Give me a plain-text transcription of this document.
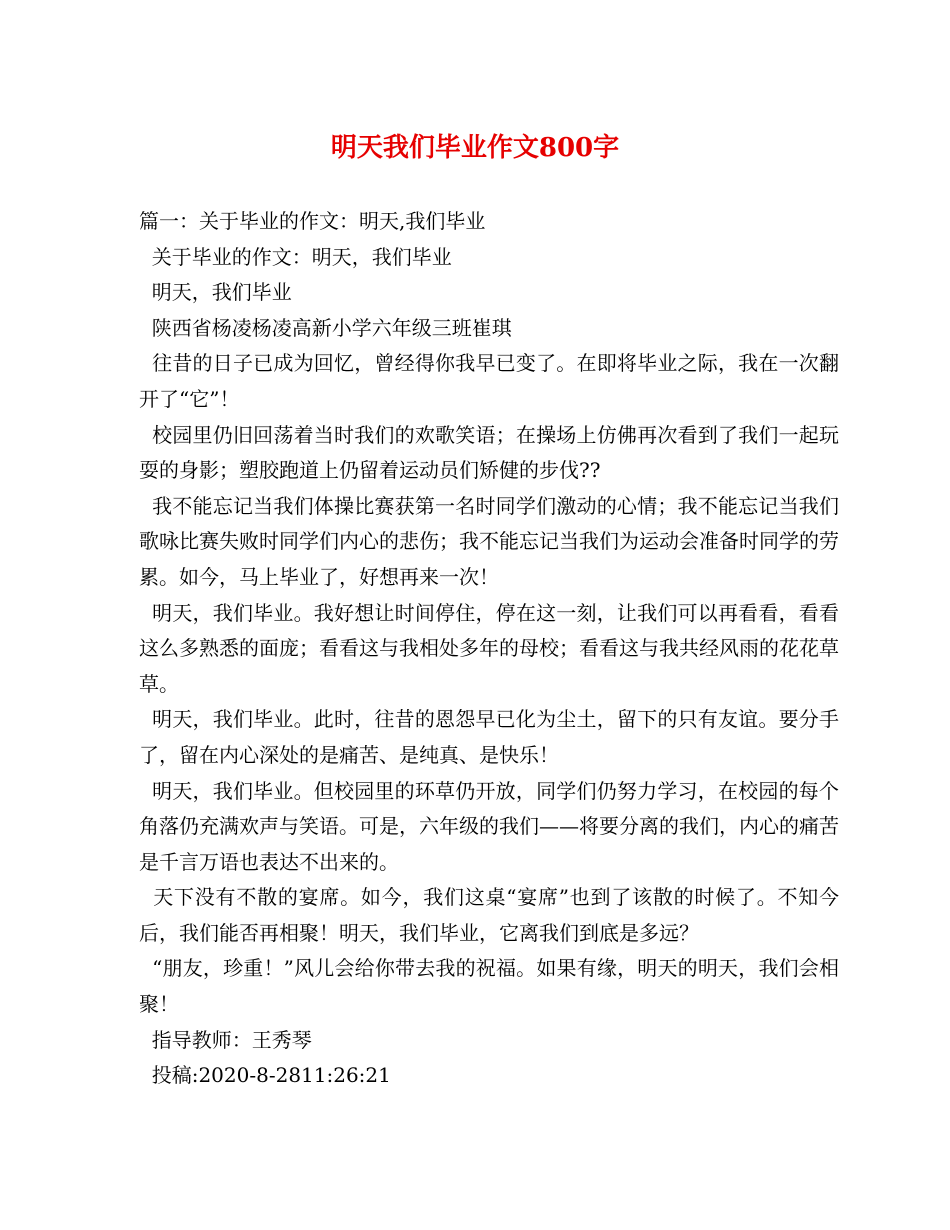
明天我们毕业作文800字

篇一：关于毕业的作文：明天,我们毕业

关于毕业的作文：明天，我们毕业

明天，我们毕业

陕西省杨凌杨凌高新小学六年级三班崔琪

往昔的日子已成为回忆，曾经得你我早已变了。在即将毕业之际，我在一次翻开了“它”！

校园里仍旧回荡着当时我们的欢歌笑语；在操场上仿佛再次看到了我们一起玩耍的身影；塑胶跑道上仍留着运动员们矫健的步伐??

我不能忘记当我们体操比赛获第一名时同学们激动的心情；我不能忘记当我们歌咏比赛失败时同学们内心的悲伤；我不能忘记当我们为运动会准备时同学的劳累。如今，马上毕业了，好想再来一次！

明天，我们毕业。我好想让时间停住，停在这一刻，让我们可以再看看，看看这么多熟悉的面庞；看看这与我相处多年的母校；看看这与我共经风雨的花花草草。

明天，我们毕业。此时，往昔的恩怨早已化为尘土，留下的只有友谊。要分手了，留在内心深处的是痛苦、是纯真、是快乐！

明天，我们毕业。但校园里的环草仍开放，同学们仍努力学习，在校园的每个角落仍充满欢声与笑语。可是，六年级的我们——将要分离的我们，内心的痛苦是千言万语也表达不出来的。

天下没有不散的宴席。如今，我们这桌“宴席”也到了该散的时候了。不知今后，我们能否再相聚！明天，我们毕业，它离我们到底是多远？

“朋友，珍重！”风儿会给你带去我的祝福。如果有缘，明天的明天，我们会相聚！

指导教师：王秀琴

投稿:2020-8-2811:26:21
